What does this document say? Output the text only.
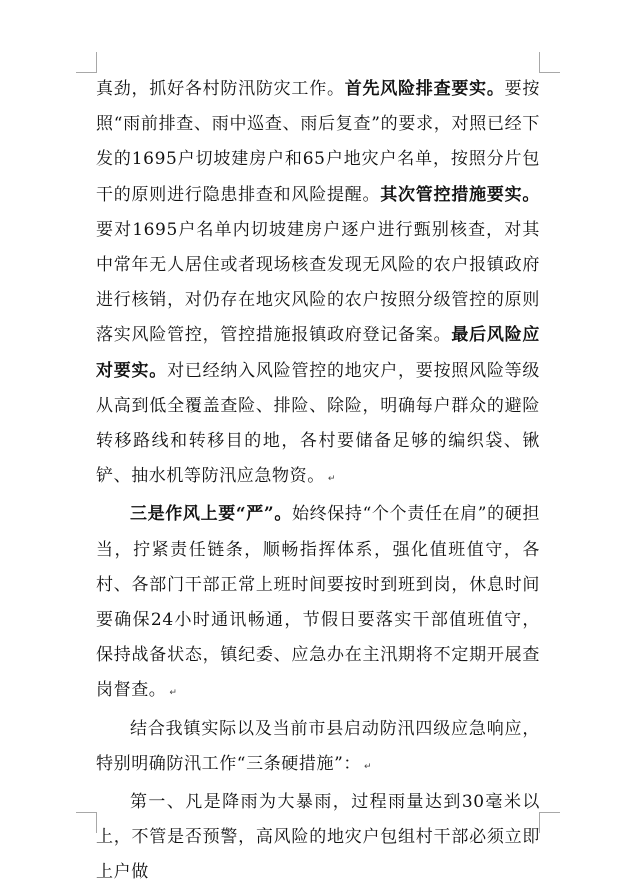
真劲，抓好各村防汛防灾工作。首先风险排查要实。要按照“雨前排查、雨中巡查、雨后复查”的要求，对照已经下发的1695户切坡建房户和65户地灾户名单，按照分片包干的原则进行隐患排查和风险提醒。其次管控措施要实。要对1695户名单内切坡建房户逐户进行甄别核查，对其中常年无人居住或者现场核查发现无风险的农户报镇政府进行核销，对仍存在地灾风险的农户按照分级管控的原则落实风险管控，管控措施报镇政府登记备案。最后风险应对要实。对已经纳入风险管控的地灾户，要按照风险等级从高到低全覆盖查险、排险、除险，明确每户群众的避险转移路线和转移目的地，各村要储备足够的编织袋、锹铲、抽水机等防汛应急物资。 ↵

三是作风上要“严”。始终保持“个个责任在肩”的硬担当，拧紧责任链条，顺畅指挥体系，强化值班值守，各村、各部门干部正常上班时间要按时到班到岗，休息时间要确保24小时通讯畅通，节假日要落实干部值班值守，保持战备状态，镇纪委、应急办在主汛期将不定期开展查岗督查。 ↵

结合我镇实际以及当前市县启动防汛四级应急响应，特别明确防汛工作“三条硬措施”： ↵

第一、凡是降雨为大暴雨，过程雨量达到30毫米以上，不管是否预警，高风险的地灾户包组村干部必须立即上户做
